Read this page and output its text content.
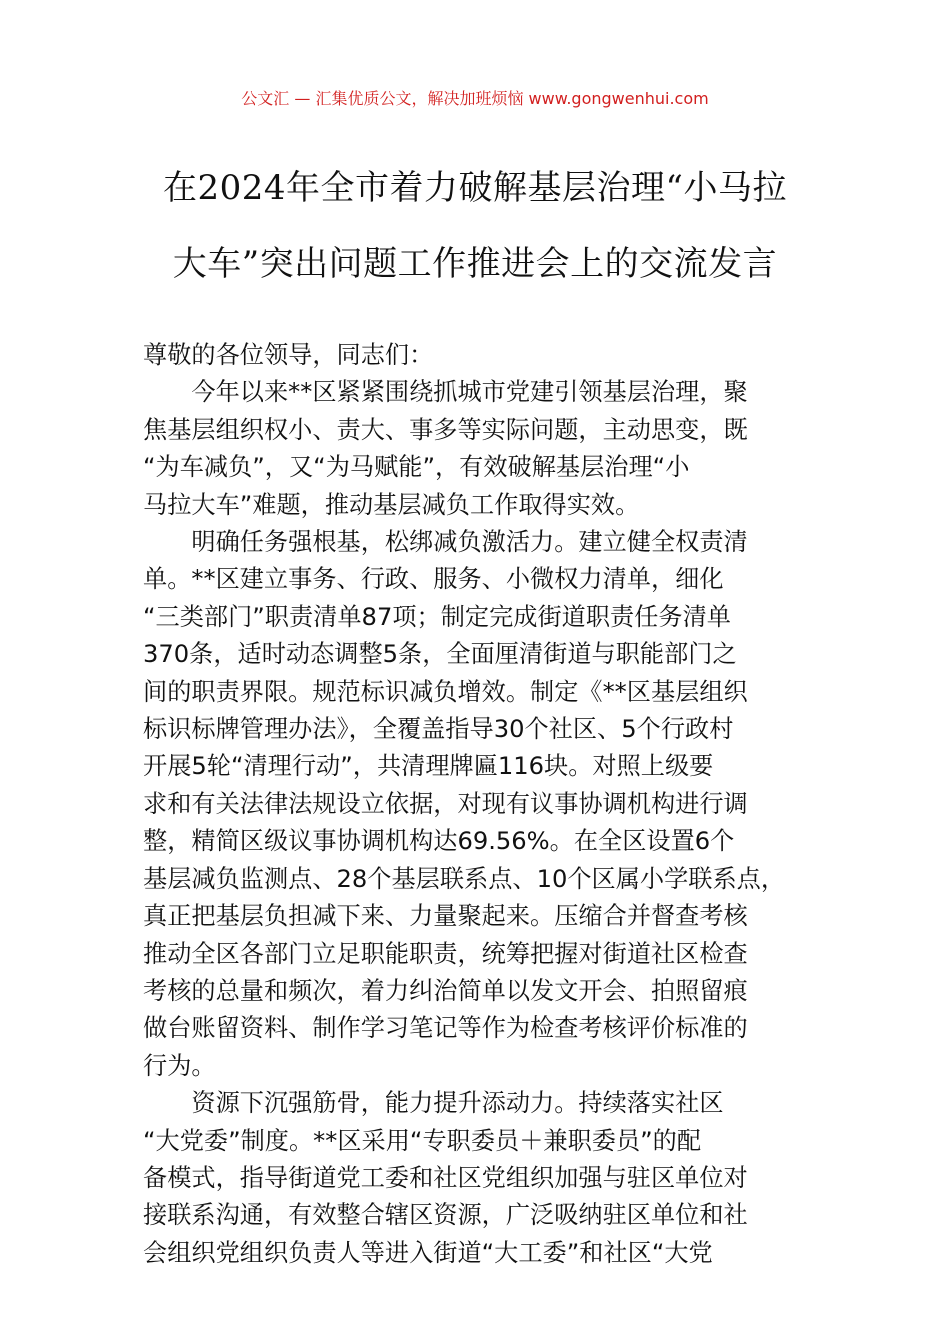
公文汇 — 汇集优质公文，解决加班烦恼 www.gongwenhui.com
在2024年全市着力破解基层治理“小马拉
大车”突出问题工作推进会上的交流发言

尊敬的各位领导，同志们：

　　今年以来**区紧紧围绕抓城市党建引领基层治理，聚
焦基层组织权小、责大、事多等实际问题，主动思变，既
“为车减负”，又“为马赋能”，有效破解基层治理“小
马拉大车”难题，推动基层减负工作取得实效。

　　明确任务强根基，松绑减负激活力。建立健全权责清
单。**区建立事务、行政、服务、小微权力清单，细化
“三类部门”职责清单87项；制定完成街道职责任务清单
370条，适时动态调整5条，全面厘清街道与职能部门之
间的职责界限。规范标识减负增效。制定《**区基层组织
标识标牌管理办法》，全覆盖指导30个社区、5个行政村
开展5轮“清理行动”，共清理牌匾116块。对照上级要
求和有关法律法规设立依据，对现有议事协调机构进行调
整，精简区级议事协调机构达69.56%。在全区设置6个
基层减负监测点、28个基层联系点、10个区属小学联系点，
真正把基层负担减下来、力量聚起来。压缩合并督查考核
推动全区各部门立足职能职责，统筹把握对街道社区检查
考核的总量和频次，着力纠治简单以发文开会、拍照留痕
做台账留资料、制作学习笔记等作为检查考核评价标准的
行为。

　　资源下沉强筋骨，能力提升添动力。持续落实社区
“大党委”制度。**区采用“专职委员＋兼职委员”的配
备模式，指导街道党工委和社区党组织加强与驻区单位对
接联系沟通，有效整合辖区资源，广泛吸纳驻区单位和社
会组织党组织负责人等进入街道“大工委”和社区“大党
